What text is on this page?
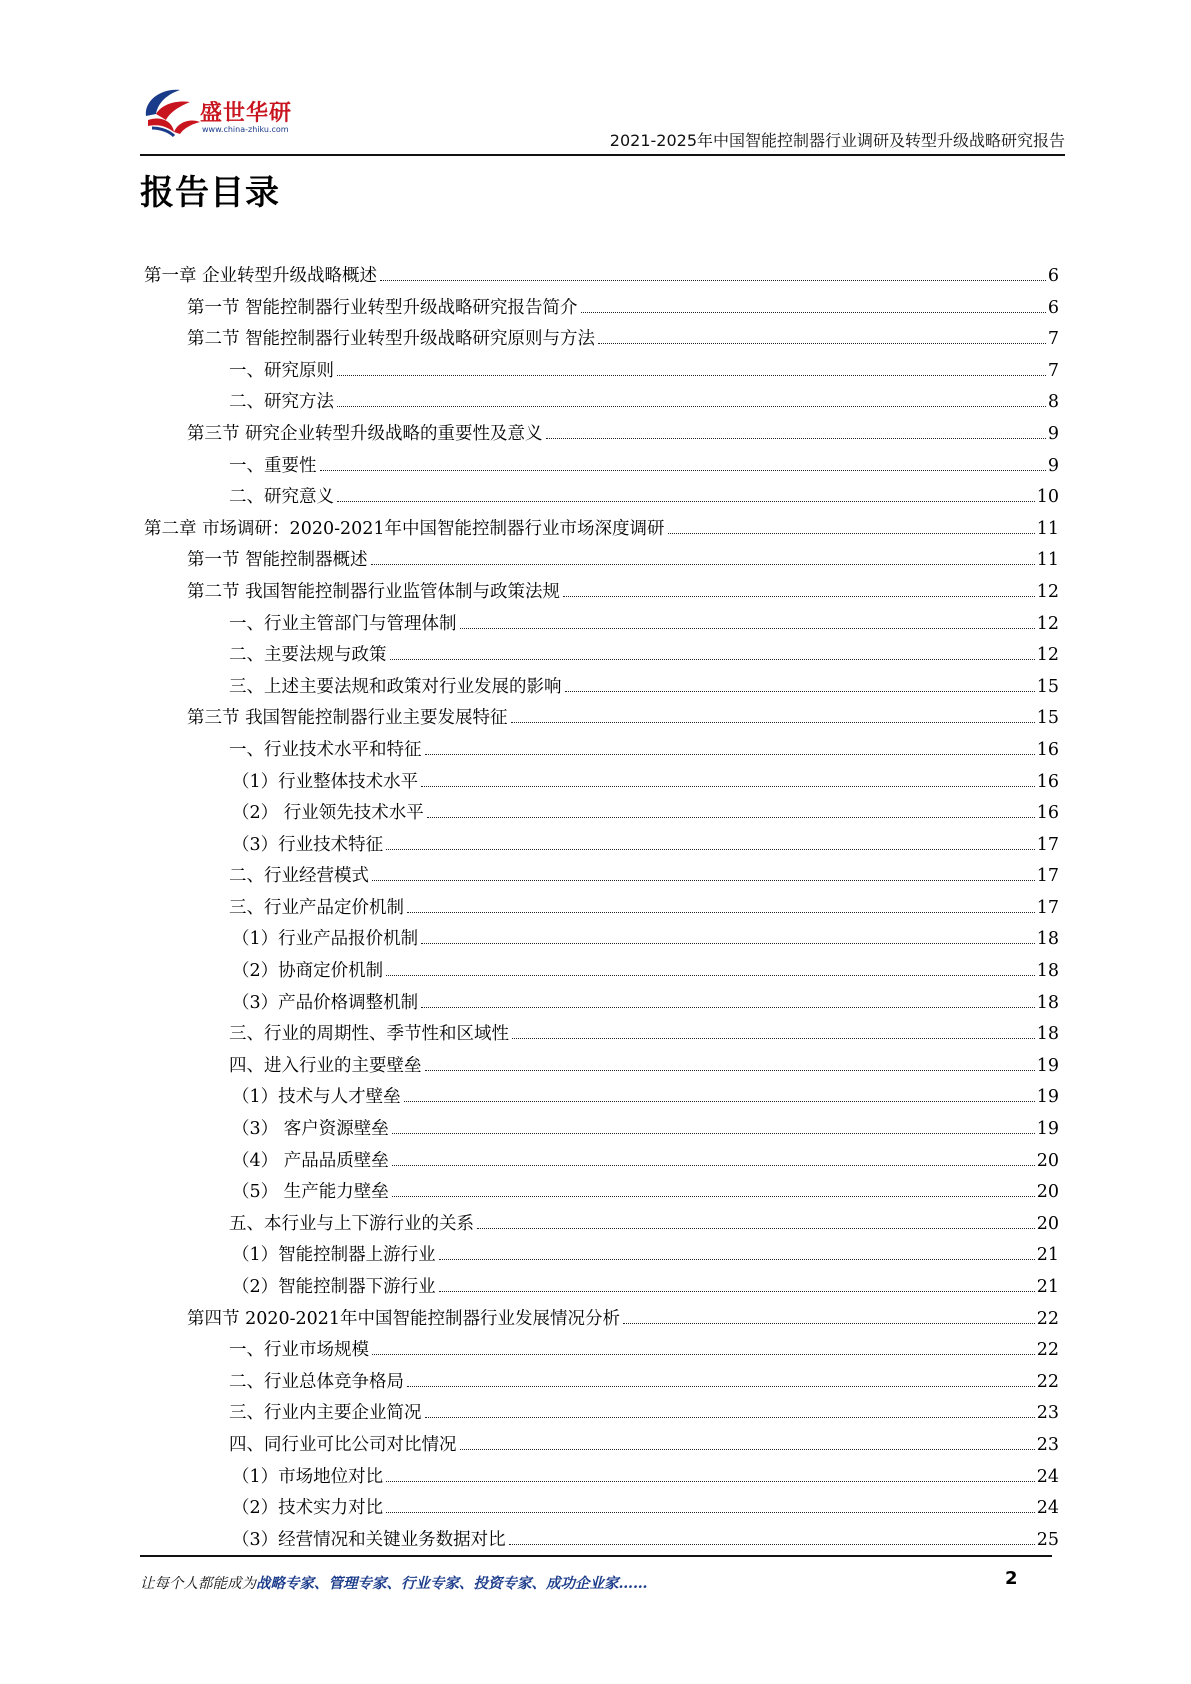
盛世华研
www.china-zhiku.com
2021-2025年中国智能控制器行业调研及转型升级战略研究报告
报告目录
第一章 企业转型升级战略概述	6
第一节 智能控制器行业转型升级战略研究报告简介	6
第二节 智能控制器行业转型升级战略研究原则与方法	7
一、研究原则	7
二、研究方法	8
第三节 研究企业转型升级战略的重要性及意义	9
一、重要性	9
二、研究意义	10
第二章 市场调研：2020-2021年中国智能控制器行业市场深度调研	11
第一节 智能控制器概述	11
第二节 我国智能控制器行业监管体制与政策法规	12
一、行业主管部门与管理体制	12
二、主要法规与政策	12
三、上述主要法规和政策对行业发展的影响	15
第三节 我国智能控制器行业主要发展特征	15
一、行业技术水平和特征	16
（1）行业整体技术水平	16
（2） 行业领先技术水平	16
（3）行业技术特征	17
二、行业经营模式	17
三、行业产品定价机制	17
（1）行业产品报价机制	18
（2）协商定价机制	18
（3）产品价格调整机制	18
三、行业的周期性、季节性和区域性	18
四、进入行业的主要壁垒	19
（1）技术与人才壁垒	19
（3） 客户资源壁垒	19
（4） 产品品质壁垒	20
（5） 生产能力壁垒	20
五、本行业与上下游行业的关系	20
（1）智能控制器上游行业	21
（2）智能控制器下游行业	21
第四节 2020-2021年中国智能控制器行业发展情况分析	22
一、行业市场规模	22
二、行业总体竞争格局	22
三、行业内主要企业简况	23
四、同行业可比公司对比情况	23
（1）市场地位对比	24
（2）技术实力对比	24
（3）经营情况和关键业务数据对比	25
让每个人都能成为战略专家、管理专家、行业专家、投资专家、成功企业家……	2
